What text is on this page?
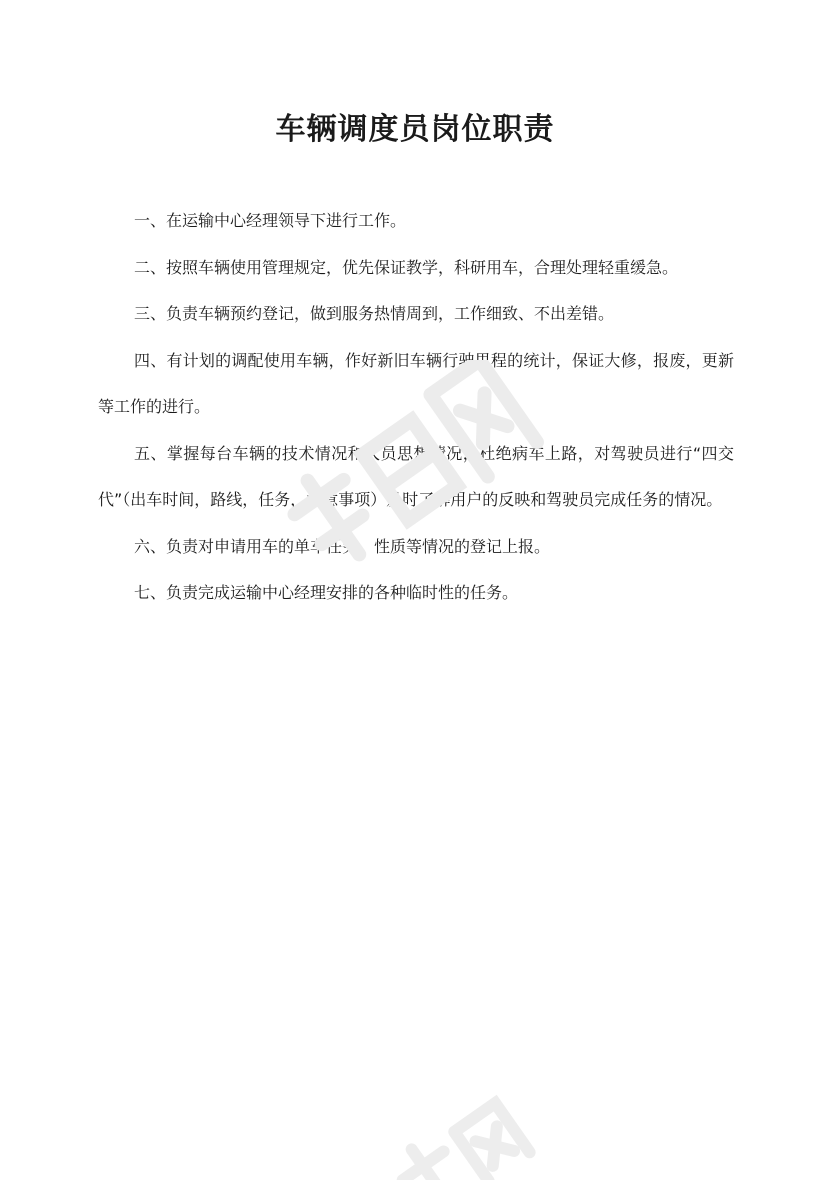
车辆调度员岗位职责

一、在运输中心经理领导下进行工作。

二、按照车辆使用管理规定，优先保证教学，科研用车，合理处理轻重缓急。

三、负责车辆预约登记，做到服务热情周到，工作细致、不出差错。

四、有计划的调配使用车辆，作好新旧车辆行驶里程的统计，保证大修，报废，更新等工作的进行。

五、掌握每台车辆的技术情况和人员思想情况，杜绝病车上路，对驾驶员进行“四交代”（出车时间，路线，任务，注意事项）及时了解用户的反映和驾驶员完成任务的情况。

六、负责对申请用车的单车任务，性质等情况的登记上报。

七、负责完成运输中心经理安排的各种临时性的任务。
